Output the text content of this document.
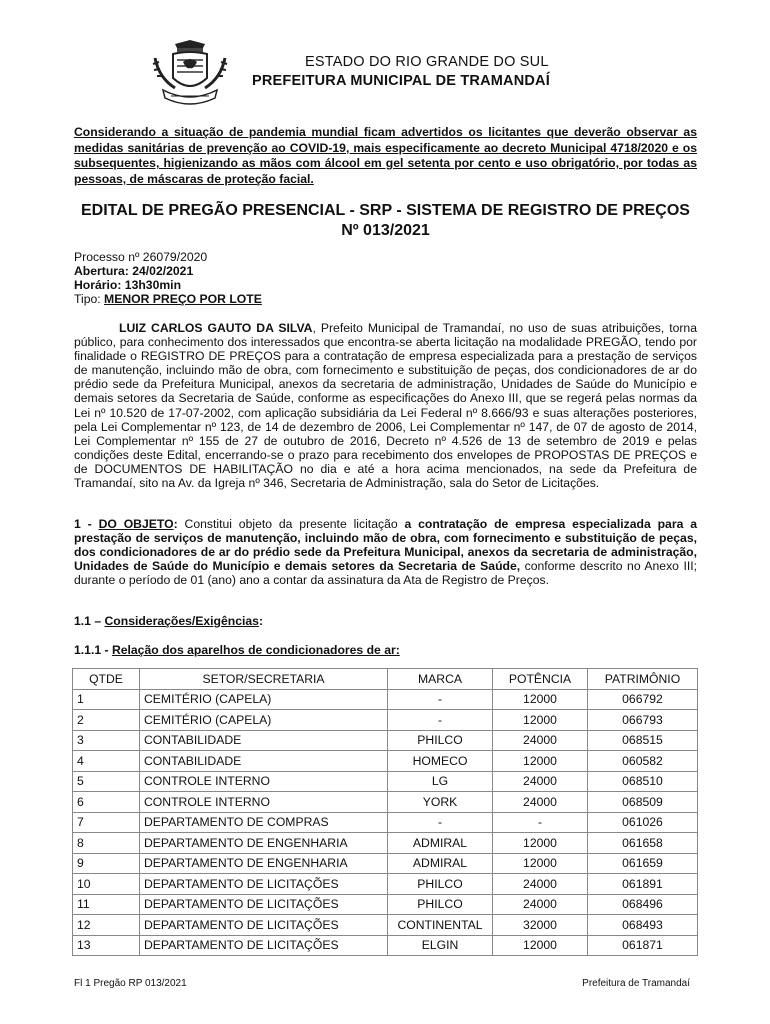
ESTADO DO RIO GRANDE DO SUL
PREFEITURA MUNICIPAL DE TRAMANDAÍ
Considerando a situação de pandemia mundial ficam advertidos os licitantes que deverão observar as medidas sanitárias de prevenção ao COVID-19, mais especificamente ao decreto Municipal 4718/2020 e os subsequentes, higienizando as mãos com álcool em gel setenta por cento e uso obrigatório, por todas as pessoas, de máscaras de proteção facial.
EDITAL DE PREGÃO PRESENCIAL - SRP - SISTEMA DE REGISTRO DE PREÇOS Nº 013/2021
Processo nº 26079/2020
Abertura: 24/02/2021
Horário: 13h30min
Tipo: MENOR PREÇO POR LOTE
LUIZ CARLOS GAUTO DA SILVA, Prefeito Municipal de Tramandaí, no uso de suas atribuições, torna público, para conhecimento dos interessados que encontra-se aberta licitação na modalidade PREGÃO, tendo por finalidade o REGISTRO DE PREÇOS para a contratação de empresa especializada para a prestação de serviços de manutenção, incluindo mão de obra, com fornecimento e substituição de peças, dos condicionadores de ar do prédio sede da Prefeitura Municipal, anexos da secretaria de administração, Unidades de Saúde do Município e demais setores da Secretaria de Saúde, conforme as especificações do Anexo III, que se regerá pelas normas da Lei nº 10.520 de 17-07-2002, com aplicação subsidiária da Lei Federal nº 8.666/93 e suas alterações posteriores, pela Lei Complementar nº 123, de 14 de dezembro de 2006, Lei Complementar nº 147, de 07 de agosto de 2014, Lei Complementar nº 155 de 27 de outubro de 2016, Decreto nº 4.526 de 13 de setembro de 2019 e pelas condições deste Edital, encerrando-se o prazo para recebimento dos envelopes de PROPOSTAS DE PREÇOS e de DOCUMENTOS DE HABILITAÇÃO no dia e até a hora acima mencionados, na sede da Prefeitura de Tramandaí, sito na Av. da Igreja nº 346, Secretaria de Administração, sala do Setor de Licitações.
1 - DO OBJETO: Constitui objeto da presente licitação a contratação de empresa especializada para a prestação de serviços de manutenção, incluindo mão de obra, com fornecimento e substituição de peças, dos condicionadores de ar do prédio sede da Prefeitura Municipal, anexos da secretaria de administração, Unidades de Saúde do Município e demais setores da Secretaria de Saúde, conforme descrito no Anexo III; durante o período de 01 (ano) ano a contar da assinatura da Ata de Registro de Preços.
1.1 – Considerações/Exigências:
1.1.1 - Relação dos aparelhos de condicionadores de ar:
QTDE	SETOR/SECRETARIA	MARCA	POTÊNCIA	PATRIMÔNIO
1	CEMITÉRIO (CAPELA)	-	12000	066792
2	CEMITÉRIO (CAPELA)	-	12000	066793
3	CONTABILIDADE	PHILCO	24000	068515
4	CONTABILIDADE	HOMECO	12000	060582
5	CONTROLE INTERNO	LG	24000	068510
6	CONTROLE INTERNO	YORK	24000	068509
7	DEPARTAMENTO DE COMPRAS	-	-	061026
8	DEPARTAMENTO DE ENGENHARIA	ADMIRAL	12000	061658
9	DEPARTAMENTO DE ENGENHARIA	ADMIRAL	12000	061659
10	DEPARTAMENTO DE LICITAÇÕES	PHILCO	24000	061891
11	DEPARTAMENTO DE LICITAÇÕES	PHILCO	24000	068496
12	DEPARTAMENTO DE LICITAÇÕES	CONTINENTAL	32000	068493
13	DEPARTAMENTO DE LICITAÇÕES	ELGIN	12000	061871
Fl 1 Pregão RP 013/2021	Prefeitura de Tramandaí
